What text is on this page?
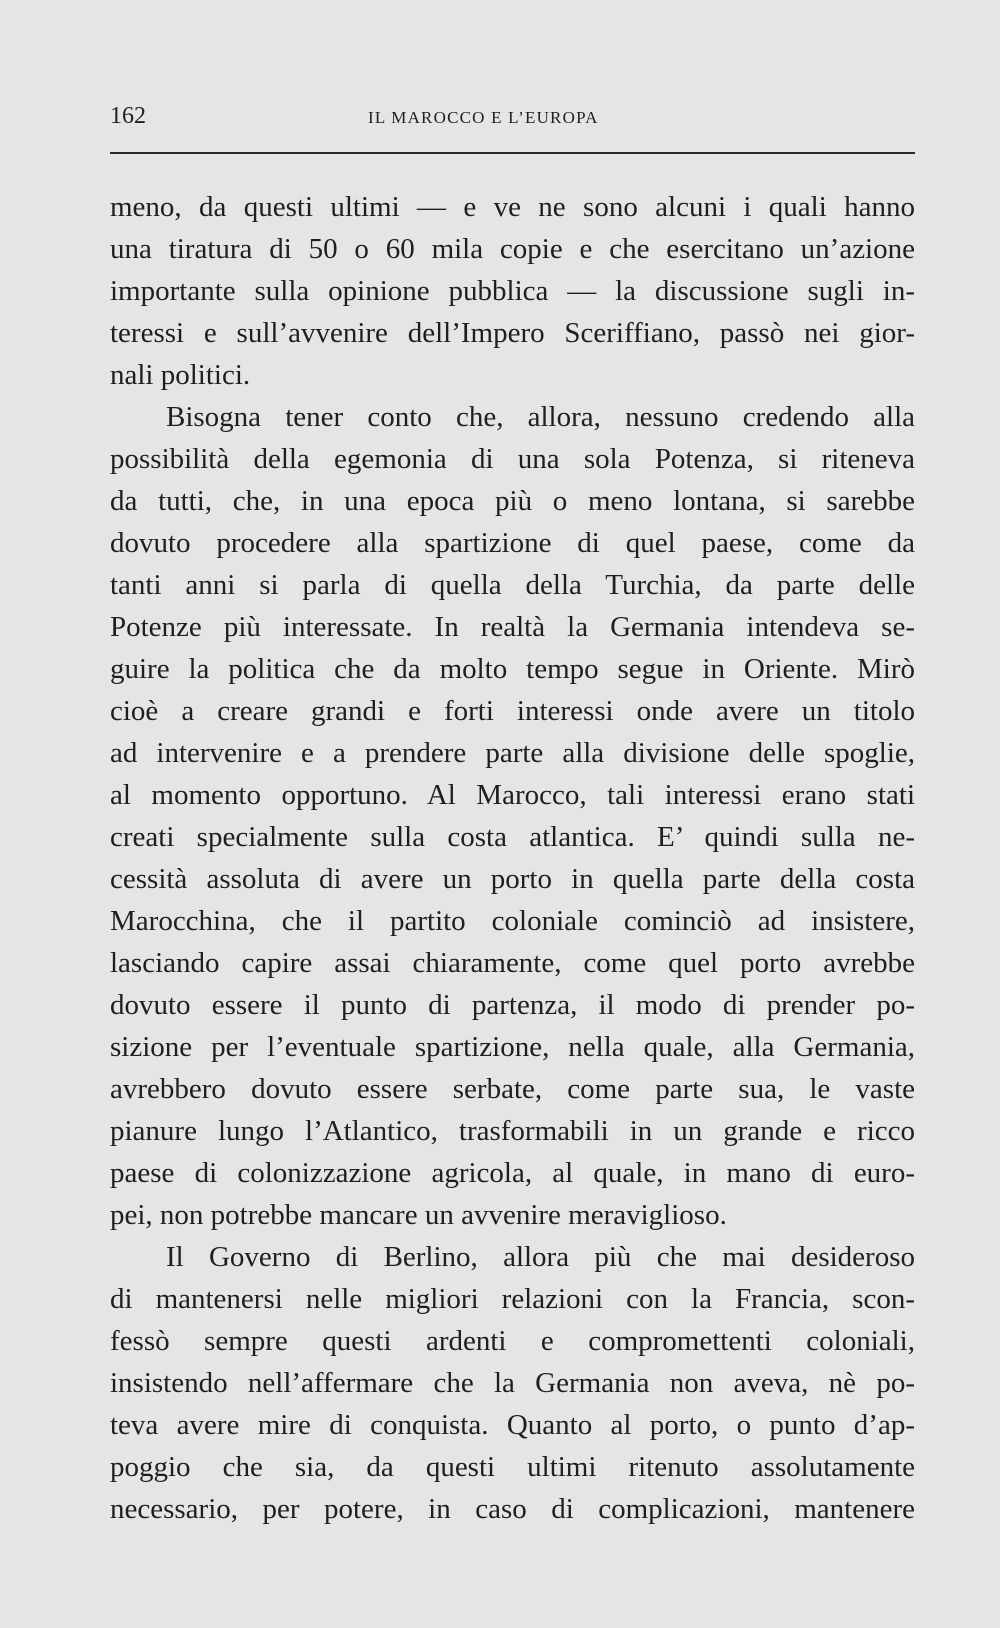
162	IL MAROCCO E L’EUROPA
meno, da questi ultimi — e ve ne sono alcuni i quali hanno
una tiratura di 50 o 60 mila copie e che esercitano un’azione
importante sulla opinione pubblica — la discussione sugli in-
teressi e sull’avvenire dell’Impero Sceriffiano, passò nei gior-
nali politici.
Bisogna tener conto che, allora, nessuno credendo alla
possibilità della egemonia di una sola Potenza, si riteneva
da tutti, che, in una epoca più o meno lontana, si sarebbe
dovuto procedere alla spartizione di quel paese, come da
tanti anni si parla di quella della Turchia, da parte delle
Potenze più interessate. In realtà la Germania intendeva se-
guire la politica che da molto tempo segue in Oriente. Mirò
cioè a creare grandi e forti interessi onde avere un titolo
ad intervenire e a prendere parte alla divisione delle spoglie,
al momento opportuno. Al Marocco, tali interessi erano stati
creati specialmente sulla costa atlantica. E’ quindi sulla ne-
cessità assoluta di avere un porto in quella parte della costa
Marocchina, che il partito coloniale cominciò ad insistere,
lasciando capire assai chiaramente, come quel porto avrebbe
dovuto essere il punto di partenza, il modo di prender po-
sizione per l’eventuale spartizione, nella quale, alla Germania,
avrebbero dovuto essere serbate, come parte sua, le vaste
pianure lungo l’Atlantico, trasformabili in un grande e ricco
paese di colonizzazione agricola, al quale, in mano di euro-
pei, non potrebbe mancare un avvenire meraviglioso.
Il Governo di Berlino, allora più che mai desideroso
di mantenersi nelle migliori relazioni con la Francia, scon-
fessò sempre questi ardenti e compromettenti coloniali,
insistendo nell’affermare che la Germania non aveva, nè po-
teva avere mire di conquista. Quanto al porto, o punto d’ap-
poggio che sia, da questi ultimi ritenuto assolutamente
necessario, per potere, in caso di complicazioni, mantenere
